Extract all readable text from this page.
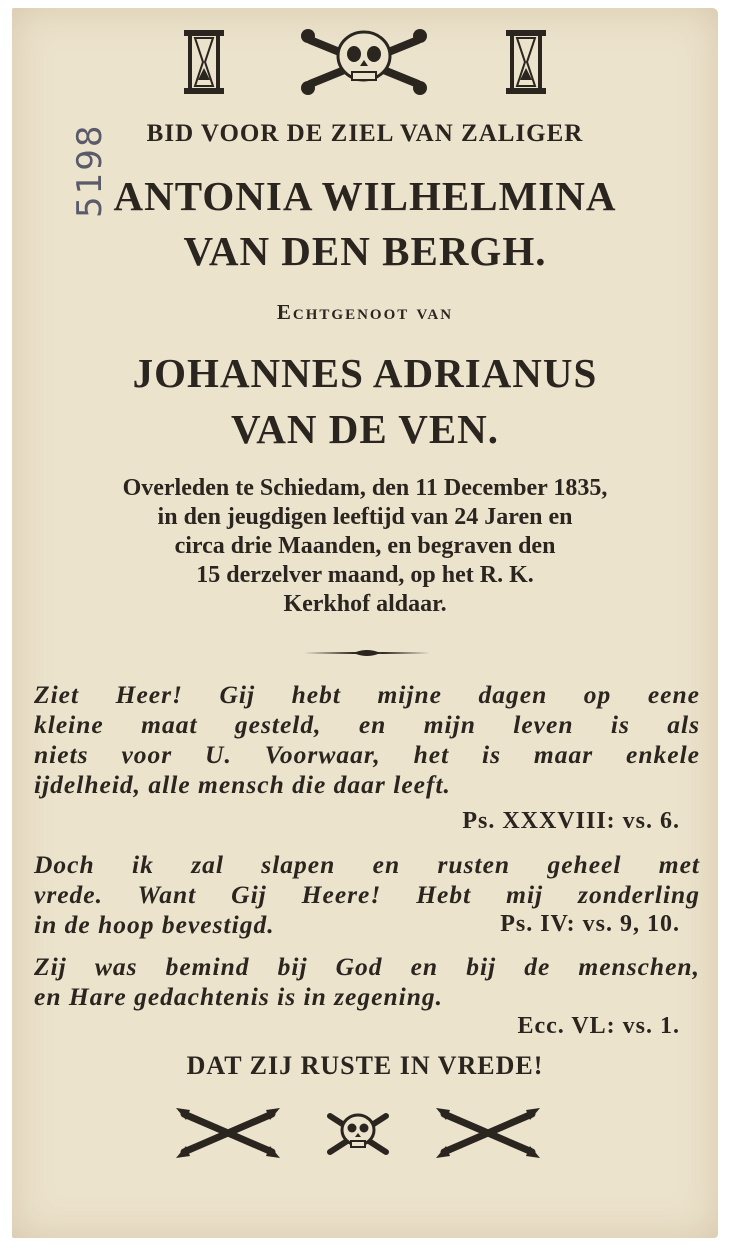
5198	BID VOOR DE ZIEL VAN ZALIGER
ANTONIA WILHELMINA
VAN DEN BERGH.
Echtgenoot van
JOHANNES ADRIANUS
VAN DE VEN.
Overleden te Schiedam, den 11 December 1835,
in den jeugdigen leeftijd van 24 Jaren en
circa drie Maanden, en begraven den
15 derzelver maand, op het R. K.
Kerkhof aldaar.
Ziet Heer! Gij hebt mijne dagen op eene
kleine maat gesteld, en mijn leven is als
niets voor U. Voorwaar, het is maar enkele
ijdelheid, alle mensch die daar leeft.
Ps. XXXVIII: vs. 6.
Doch ik zal slapen en rusten geheel met
vrede. Want Gij Heere! Hebt mij zonderling
in de hoop bevestigd.	Ps. IV: vs. 9, 10.
Zij was bemind bij God en bij de menschen,
en Hare gedachtenis is in zegening.
Ecc. VL: vs. 1.
DAT ZIJ RUSTE IN VREDE!
